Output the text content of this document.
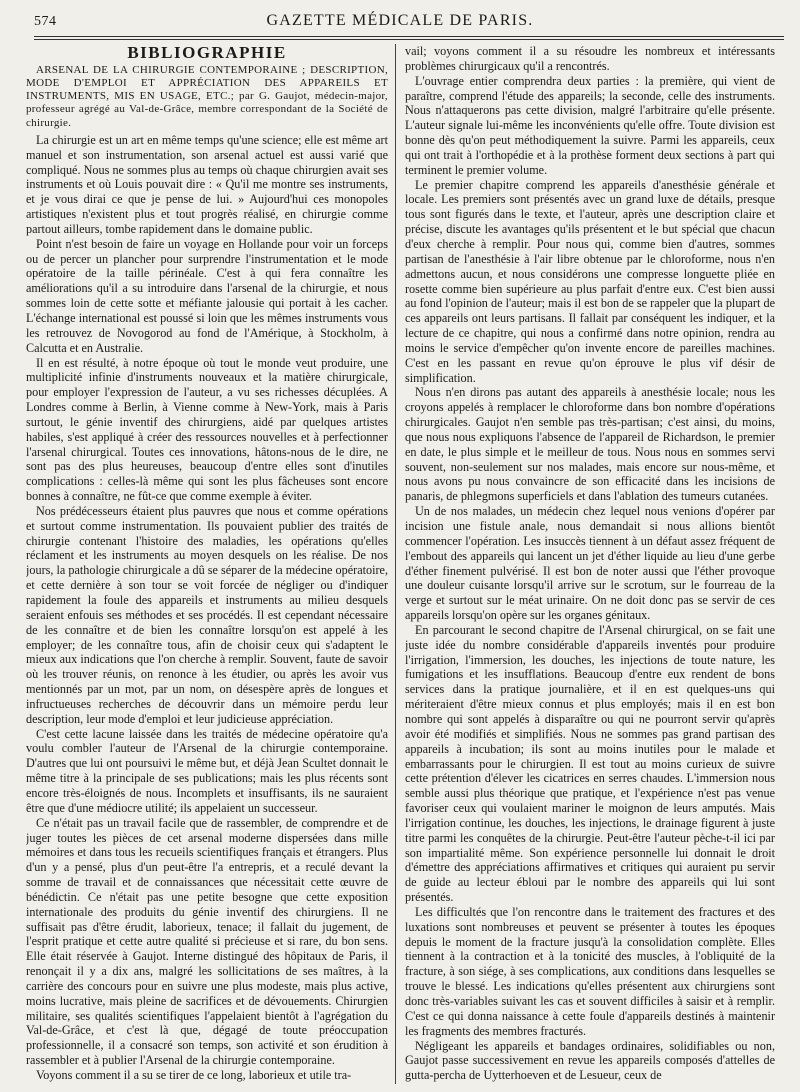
574	GAZETTE MÉDICALE DE PARIS.
BIBLIOGRAPHIE
ARSENAL DE LA CHIRURGIE CONTEMPORAINE ; DESCRIPTION, MODE D'EMPLOI ET APPRÉCIATION DES APPAREILS ET INSTRUMENTS, MIS EN USAGE, ETC.; par G. Gaujot, médecin-major, professeur agrégé au Val-de-Grâce, membre correspondant de la Société de chirurgie.

La chirurgie est un art en même temps qu'une science; elle est même art manuel et son instrumentation, son arsenal actuel est aussi varié que compliqué. Nous ne sommes plus au temps où chaque chirurgien avait ses instruments et où Louis pouvait dire : « Qu'il me montre ses instruments, et je vous dirai ce que je pense de lui. » Aujourd'hui ces monopoles artistiques n'existent plus et tout progrès réalisé, en chirurgie comme partout ailleurs, tombe rapidement dans le domaine public.

Point n'est besoin de faire un voyage en Hollande pour voir un forceps ou de percer un plancher pour surprendre l'instrumentation et le mode opératoire de la taille périnéale. C'est à qui fera connaître les améliorations qu'il a su introduire dans l'arsenal de la chirurgie, et nous sommes loin de cette sotte et méfiante jalousie qui portait à les cacher. L'échange international est poussé si loin que les mêmes instruments vous les retrouvez de Novogorod au fond de l'Amérique, à Stockholm, à Calcutta et en Australie.

Il en est résulté, à notre époque où tout le monde veut produire, une multiplicité infinie d'instruments nouveaux et la matière chirurgicale, pour employer l'expression de l'auteur, a vu ses richesses décuplées. A Londres comme à Berlin, à Vienne comme à New-York, mais à Paris surtout, le génie inventif des chirurgiens, aidé par quelques artistes habiles, s'est appliqué à créer des ressources nouvelles et à perfectionner l'arsenal chirurgical. Toutes ces innovations, hâtons-nous de le dire, ne sont pas des plus heureuses, beaucoup d'entre elles sont d'inutiles complications : celles-là même qui sont les plus fâcheuses sont encore bonnes à connaître, ne fût-ce que comme exemple à éviter.

Nos prédécesseurs étaient plus pauvres que nous et comme opérations et surtout comme instrumentation. Ils pouvaient publier des traités de chirurgie contenant l'histoire des maladies, les opérations qu'elles réclament et les instruments au moyen desquels on les réalise. De nos jours, la pathologie chirurgicale a dû se séparer de la médecine opératoire, et cette dernière à son tour se voit forcée de négliger ou d'indiquer rapidement la foule des appareils et instruments au milieu desquels seraient enfouis ses méthodes et ses procédés. Il est cependant nécessaire de les connaître et de bien les connaître lorsqu'on est appelé à les employer; de les connaître tous, afin de choisir ceux qui s'adaptent le mieux aux indications que l'on cherche à remplir. Souvent, faute de savoir où les trouver réunis, on renonce à les étudier, ou après les avoir vus mentionnés par un mot, par un nom, on désespère après de longues et infructueuses recherches de découvrir dans un mémoire perdu leur description, leur mode d'emploi et leur judicieuse appréciation.

C'est cette lacune laissée dans les traités de médecine opératoire qu'a voulu combler l'auteur de l'Arsenal de la chirurgie contemporaine. D'autres que lui ont poursuivi le même but, et déjà Jean Scultet donnait le même titre à la principale de ses publications; mais les plus récents sont encore très-éloignés de nous. Incomplets et insuffisants, ils ne sauraient être que d'une médiocre utilité; ils appelaient un successeur.

Ce n'était pas un travail facile que de rassembler, de comprendre et de juger toutes les pièces de cet arsenal moderne dispersées dans mille mémoires et dans tous les recueils scientifiques français et étrangers. Plus d'un y a pensé, plus d'un peut-être l'a entrepris, et a reculé devant la somme de travail et de connaissances que nécessitait cette œuvre de bénédictin. Ce n'était pas une petite besogne que cette exposition internationale des produits du génie inventif des chirurgiens. Il ne suffisait pas d'être érudit, laborieux, tenace; il fallait du jugement, de l'esprit pratique et cette autre qualité si précieuse et si rare, du bon sens. Elle était réservée à Gaujot. Interne distingué des hôpitaux de Paris, il renonçait il y a dix ans, malgré les sollicitations de ses maîtres, à la carrière des concours pour en suivre une plus modeste, mais plus active, moins lucrative, mais pleine de sacrifices et de dévouements. Chirurgien militaire, ses qualités scientifiques l'appelaient bientôt à l'agrégation du Val-de-Grâce, et c'est là que, dégagé de toute préoccupation professionnelle, il a consacré son temps, son activité et son érudition à rassembler et à publier l'Arsenal de la chirurgie contemporaine.

Voyons comment il a su se tirer de ce long, laborieux et utile tra-

vail; voyons comment il a su résoudre les nombreux et intéressants problèmes chirurgicaux qu'il a rencontrés.

L'ouvrage entier comprendra deux parties : la première, qui vient de paraître, comprend l'étude des appareils; la seconde, celle des instruments. Nous n'attaquerons pas cette division, malgré l'arbitraire qu'elle présente. L'auteur signale lui-même les inconvénients qu'elle offre. Toute division est bonne dès qu'on peut méthodiquement la suivre. Parmi les appareils, ceux qui ont trait à l'orthopédie et à la prothèse forment deux sections à part qui terminent le premier volume.

Le premier chapitre comprend les appareils d'anesthésie générale et locale. Les premiers sont présentés avec un grand luxe de détails, presque tous sont figurés dans le texte, et l'auteur, après une description claire et précise, discute les avantages qu'ils présentent et le but spécial que chacun d'eux cherche à remplir. Pour nous qui, comme bien d'autres, sommes partisan de l'anesthésie à l'air libre obtenue par le chloroforme, nous n'en admettons aucun, et nous considérons une compresse longuette pliée en rosette comme bien supérieure au plus parfait d'entre eux. C'est bien aussi au fond l'opinion de l'auteur; mais il est bon de se rappeler que la plupart de ces appareils ont leurs partisans. Il fallait par conséquent les indiquer, et la lecture de ce chapitre, qui nous a confirmé dans notre opinion, rendra au moins le service d'empêcher qu'on invente encore de pareilles machines. C'est en les passant en revue qu'on éprouve le plus vif désir de simplification.

Nous n'en dirons pas autant des appareils à anesthésie locale; nous les croyons appelés à remplacer le chloroforme dans bon nombre d'opérations chirurgicales. Gaujot n'en semble pas très-partisan; c'est ainsi, du moins, que nous nous expliquons l'absence de l'appareil de Richardson, le premier en date, le plus simple et le meilleur de tous. Nous nous en sommes servi souvent, non-seulement sur nos malades, mais encore sur nous-même, et nous avons pu nous convaincre de son efficacité dans les incisions de panaris, de phlegmons superficiels et dans l'ablation des tumeurs cutanées.

Un de nos malades, un médecin chez lequel nous venions d'opérer par incision une fistule anale, nous demandait si nous allions bientôt commencer l'opération. Les insuccès tiennent à un défaut assez fréquent de l'embout des appareils qui lancent un jet d'éther liquide au lieu d'une gerbe d'éther finement pulvérisé. Il est bon de noter aussi que l'éther provoque une douleur cuisante lorsqu'il arrive sur le scrotum, sur le fourreau de la verge et surtout sur le méat urinaire. On ne doit donc pas se servir de ces appareils lorsqu'on opère sur les organes génitaux.

En parcourant le second chapitre de l'Arsenal chirurgical, on se fait une juste idée du nombre considérable d'appareils inventés pour produire l'irrigation, l'immersion, les douches, les injections de toute nature, les fumigations et les insufflations. Beaucoup d'entre eux rendent de bons services dans la pratique journalière, et il en est quelques-uns qui mériteraient d'être mieux connus et plus employés; mais il en est bon nombre qui sont appelés à disparaître ou qui ne pourront servir qu'après avoir été modifiés et simplifiés. Nous ne sommes pas grand partisan des appareils à incubation; ils sont au moins inutiles pour le malade et embarrassants pour le chirurgien. Il est tout au moins curieux de suivre cette prétention d'élever les cicatrices en serres chaudes. L'immersion nous semble aussi plus théorique que pratique, et l'expérience n'est pas venue favoriser ceux qui voulaient mariner le moignon de leurs amputés. Mais l'irrigation continue, les douches, les injections, le drainage figurent à juste titre parmi les conquêtes de la chirurgie. Peut-être l'auteur pèche-t-il ici par son impartialité même. Son expérience personnelle lui donnait le droit d'émettre des appréciations affirmatives et critiques qui auraient pu servir de guide au lecteur ébloui par le nombre des appareils qui lui sont présentés.

Les difficultés que l'on rencontre dans le traitement des fractures et des luxations sont nombreuses et peuvent se présenter à toutes les époques depuis le moment de la fracture jusqu'à la consolidation complète. Elles tiennent à la contraction et à la tonicité des muscles, à l'obliquité de la fracture, à son siége, à ses complications, aux conditions dans lesquelles se trouve le blessé. Les indications qu'elles présentent aux chirurgiens sont donc très-variables suivant les cas et souvent difficiles à saisir et à remplir. C'est ce qui donna naissance à cette foule d'appareils destinés à maintenir les fragments des membres fracturés.

Négligeant les appareils et bandages ordinaires, solidifiables ou non, Gaujot passe successivement en revue les appareils composés d'attelles de gutta-percha de Uytterhoeven et de Lesueur, ceux de
